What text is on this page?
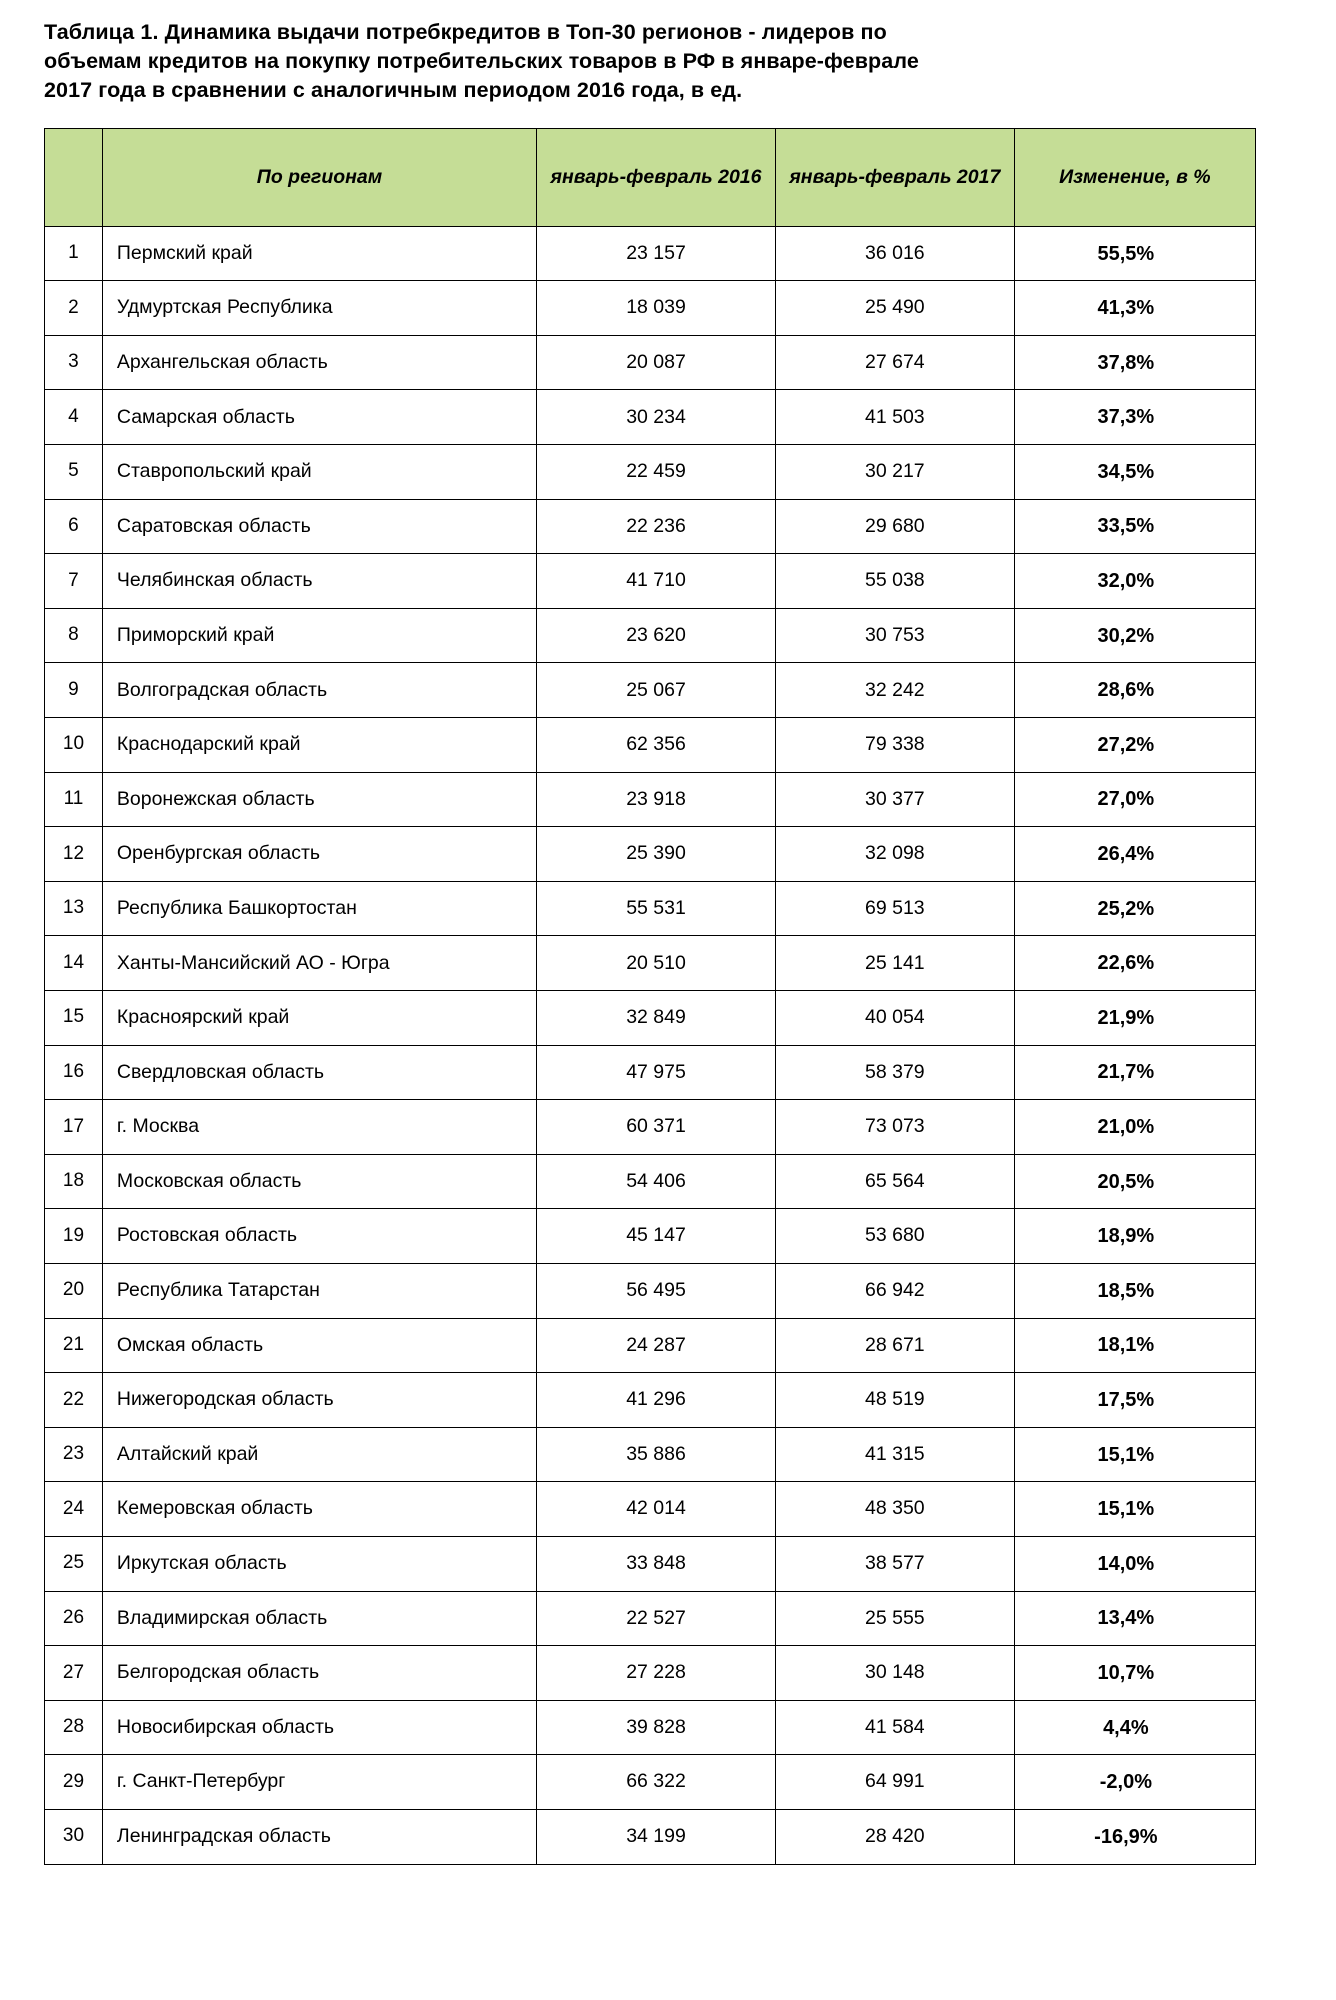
Таблица 1. Динамика выдачи потребкредитов в Топ-30 регионов - лидеров по
объемам кредитов на покупку потребительских товаров в РФ в январе-феврале
2017 года в сравнении с аналогичным периодом 2016 года, в ед.
	По регионам	январь-февраль 2016	январь-февраль 2017	Изменение, в %
1	Пермский край	23 157	36 016	55,5%
2	Удмуртская Республика	18 039	25 490	41,3%
3	Архангельская область	20 087	27 674	37,8%
4	Самарская область	30 234	41 503	37,3%
5	Ставропольский край	22 459	30 217	34,5%
6	Саратовская область	22 236	29 680	33,5%
7	Челябинская область	41 710	55 038	32,0%
8	Приморский край	23 620	30 753	30,2%
9	Волгоградская область	25 067	32 242	28,6%
10	Краснодарский край	62 356	79 338	27,2%
11	Воронежская область	23 918	30 377	27,0%
12	Оренбургская область	25 390	32 098	26,4%
13	Республика Башкортостан	55 531	69 513	25,2%
14	Ханты-Мансийский АО - Югра	20 510	25 141	22,6%
15	Красноярский край	32 849	40 054	21,9%
16	Свердловская область	47 975	58 379	21,7%
17	г. Москва	60 371	73 073	21,0%
18	Московская область	54 406	65 564	20,5%
19	Ростовская область	45 147	53 680	18,9%
20	Республика Татарстан	56 495	66 942	18,5%
21	Омская область	24 287	28 671	18,1%
22	Нижегородская область	41 296	48 519	17,5%
23	Алтайский край	35 886	41 315	15,1%
24	Кемеровская область	42 014	48 350	15,1%
25	Иркутская область	33 848	38 577	14,0%
26	Владимирская область	22 527	25 555	13,4%
27	Белгородская область	27 228	30 148	10,7%
28	Новосибирская область	39 828	41 584	4,4%
29	г. Санкт-Петербург	66 322	64 991	-2,0%
30	Ленинградская область	34 199	28 420	-16,9%
